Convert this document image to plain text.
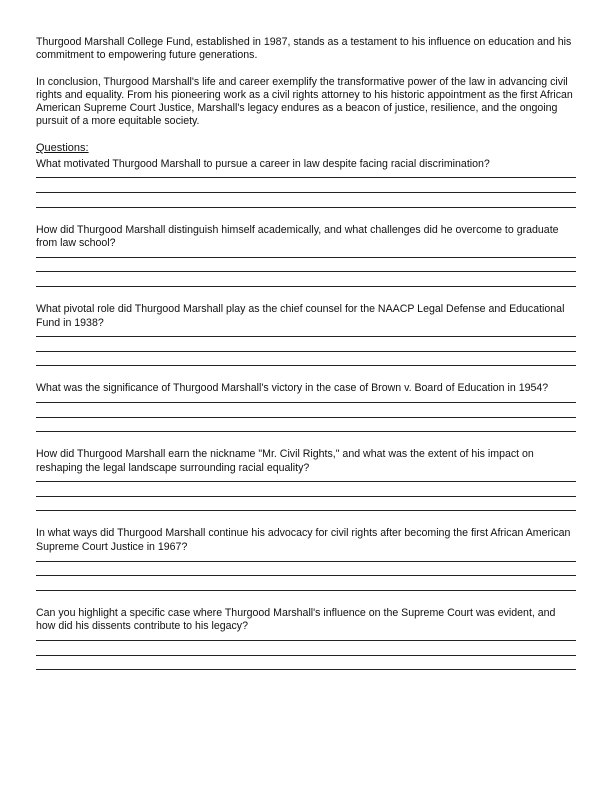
Thurgood Marshall College Fund, established in 1987, stands as a testament to his influence on education and his commitment to empowering future generations.

In conclusion, Thurgood Marshall's life and career exemplify the transformative power of the law in advancing civil rights and equality. From his pioneering work as a civil rights attorney to his historic appointment as the first African American Supreme Court Justice, Marshall's legacy endures as a beacon of justice, resilience, and the ongoing pursuit of a more equitable society.

Questions:
What motivated Thurgood Marshall to pursue a career in law despite facing racial discrimination?
How did Thurgood Marshall distinguish himself academically, and what challenges did he overcome to graduate from law school?
What pivotal role did Thurgood Marshall play as the chief counsel for the NAACP Legal Defense and Educational Fund in 1938?
What was the significance of Thurgood Marshall's victory in the case of Brown v. Board of Education in 1954?
How did Thurgood Marshall earn the nickname "Mr. Civil Rights," and what was the extent of his impact on reshaping the legal landscape surrounding racial equality?
In what ways did Thurgood Marshall continue his advocacy for civil rights after becoming the first African American Supreme Court Justice in 1967?
Can you highlight a specific case where Thurgood Marshall's influence on the Supreme Court was evident, and how did his dissents contribute to his legacy?
